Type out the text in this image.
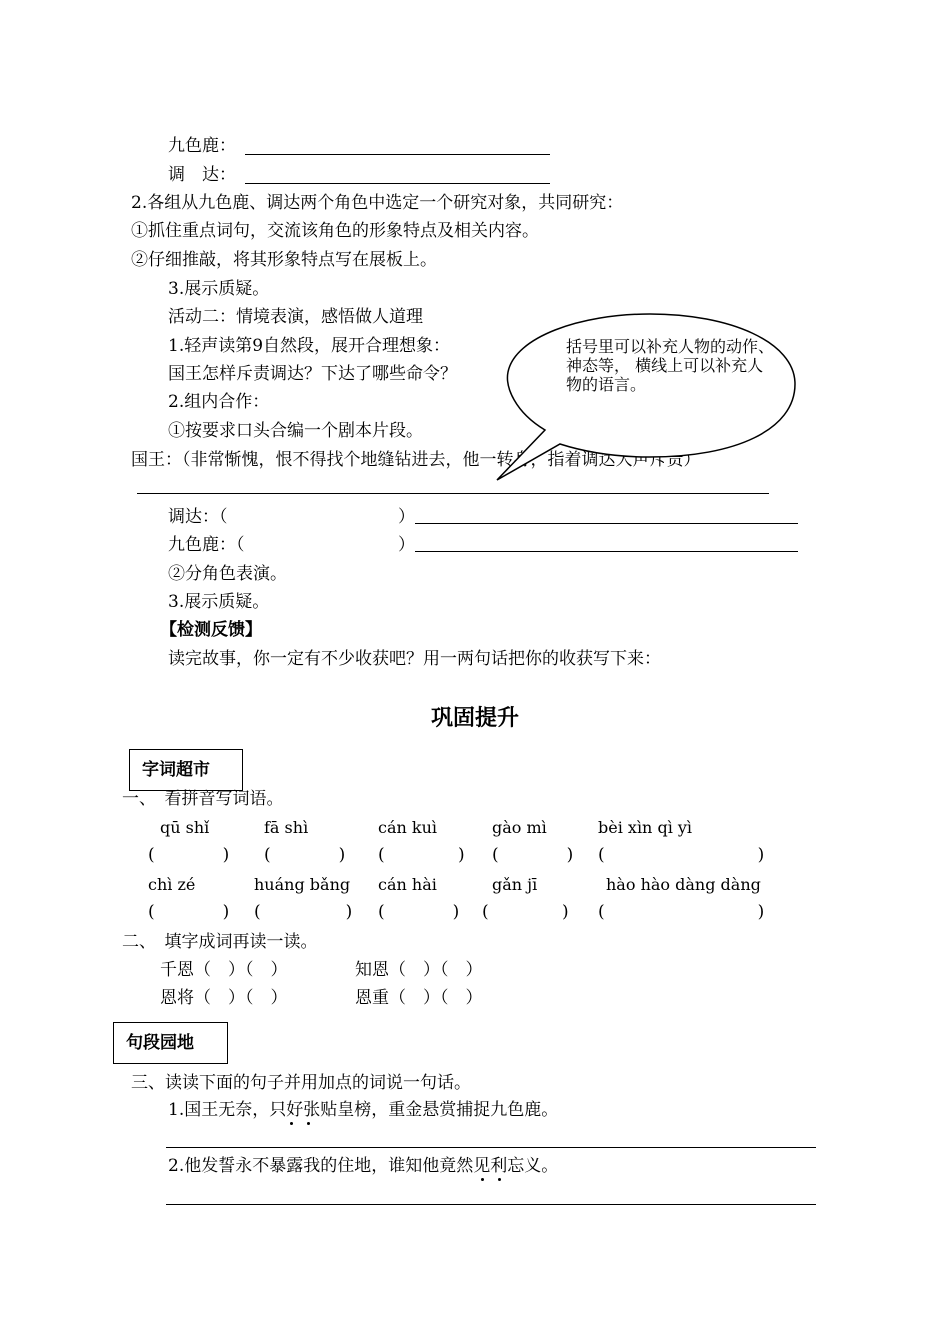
九色鹿：
调　达：
2.各组从九色鹿、调达两个角色中选定一个研究对象，共同研究：
①抓住重点词句，交流该角色的形象特点及相关内容。
②仔细推敲，将其形象特点写在展板上。
3.展示质疑。
活动二：情境表演，感悟做人道理
1.轻声读第9自然段，展开合理想象：
国王怎样斥责调达？下达了哪些命令？
2.组内合作：
①按要求口头合编一个剧本片段。
国王：（非常惭愧，恨不得找个地缝钻进去，他一转身，指着调达大声斥责）
括号里可以补充人物的动作、神态等， 横线上可以补充人物的语言。
调达：（	）
九色鹿：（	）
②分角色表演。
3.展示质疑。
【检测反馈】
读完故事，你一定有不少收获吧？用一两句话把你的收获写下来：
巩固提升
字词超市
一、　看拼音写词语。
qū shǐ	fā shì	cán kuì	gào mì	bèi xìn qì yì
(　　　　) (　　　　) (　　　　 ) (　　　　) (　　　　　　　　　)
chì zé	huáng bǎng cán hài	gǎn jī	hào hào dàng dàng
(　　　　) (　　　　　) (　　　　) (　　　　 ) (　　　　　　　　　)
二、　填字成词再读一读。
千恩（　）（　）	知恩（　）（　）
恩将（　）（　）	恩重（　）（　）
句段园地
三、读读下面的句子并用加点的词说一句话。
1.国王无奈，只好张贴皇榜，重金悬赏捕捉九色鹿。
2.他发誓永不暴露我的住地，谁知他竟然见利忘义。
